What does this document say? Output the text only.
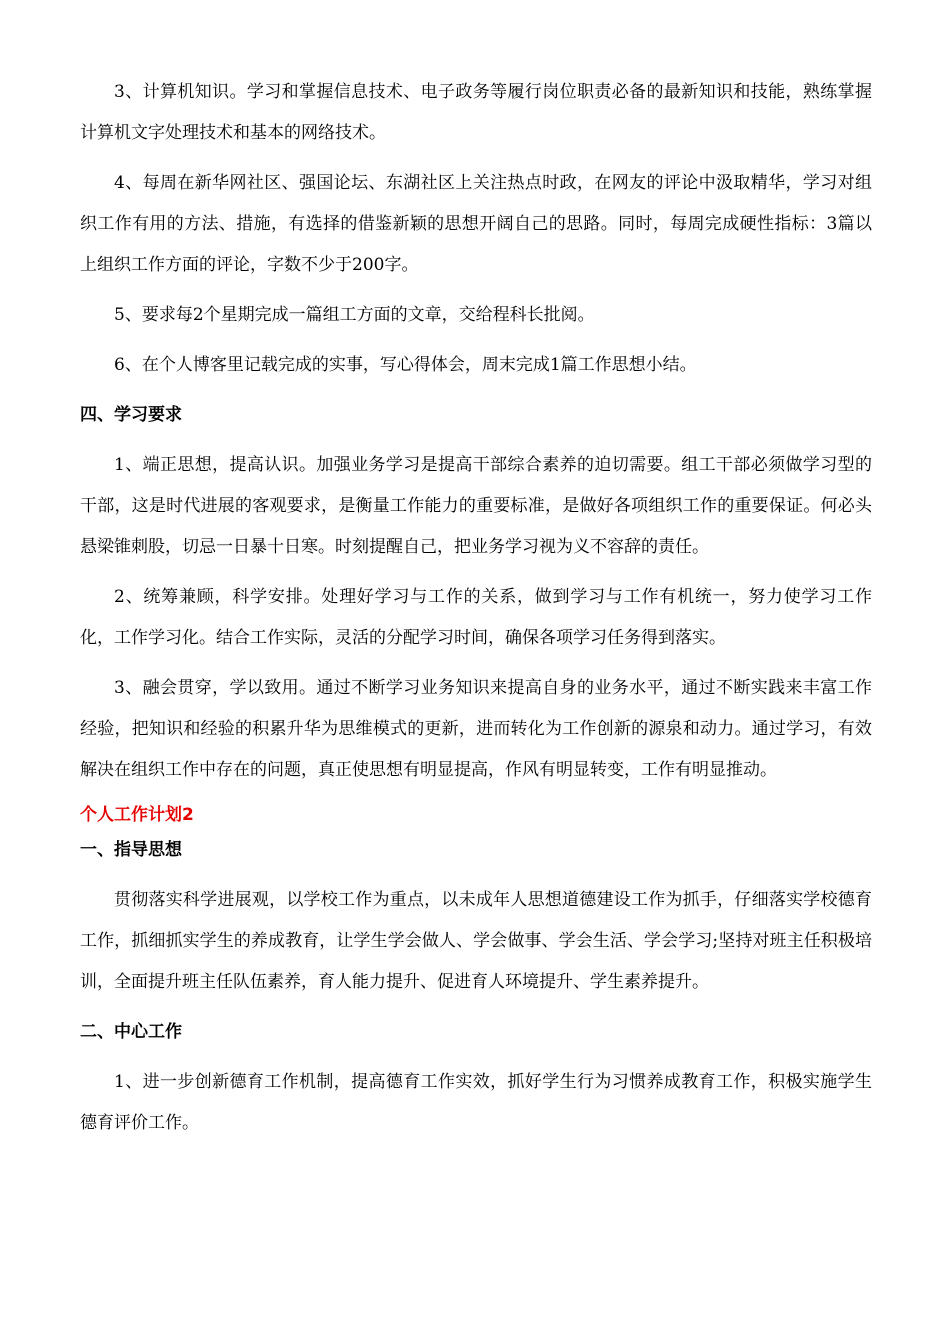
3、计算机知识。学习和掌握信息技术、电子政务等履行岗位职责必备的最新知识和技能，熟练掌握计算机文字处理技术和基本的网络技术。

4、每周在新华网社区、强国论坛、东湖社区上关注热点时政，在网友的评论中汲取精华，学习对组织工作有用的方法、措施，有选择的借鉴新颖的思想开阔自己的思路。同时，每周完成硬性指标：3篇以上组织工作方面的评论，字数不少于200字。

5、要求每2个星期完成一篇组工方面的文章，交给程科长批阅。

6、在个人博客里记载完成的实事，写心得体会，周末完成1篇工作思想小结。

四、学习要求

1、端正思想，提高认识。加强业务学习是提高干部综合素养的迫切需要。组工干部必须做学习型的干部，这是时代进展的客观要求，是衡量工作能力的重要标准，是做好各项组织工作的重要保证。何必头悬梁锥刺股，切忌一日暴十日寒。时刻提醒自己，把业务学习视为义不容辞的责任。

2、统筹兼顾，科学安排。处理好学习与工作的关系，做到学习与工作有机统一，努力使学习工作化，工作学习化。结合工作实际，灵活的分配学习时间，确保各项学习任务得到落实。

3、融会贯穿，学以致用。通过不断学习业务知识来提高自身的业务水平，通过不断实践来丰富工作经验，把知识和经验的积累升华为思维模式的更新，进而转化为工作创新的源泉和动力。通过学习，有效解决在组织工作中存在的问题，真正使思想有明显提高，作风有明显转变，工作有明显推动。

个人工作计划2
一、指导思想

贯彻落实科学进展观，以学校工作为重点，以未成年人思想道德建设工作为抓手，仔细落实学校德育工作，抓细抓实学生的养成教育，让学生学会做人、学会做事、学会生活、学会学习;坚持对班主任积极培训，全面提升班主任队伍素养，育人能力提升、促进育人环境提升、学生素养提升。

二、中心工作

1、进一步创新德育工作机制，提高德育工作实效，抓好学生行为习惯养成教育工作，积极实施学生德育评价工作。
